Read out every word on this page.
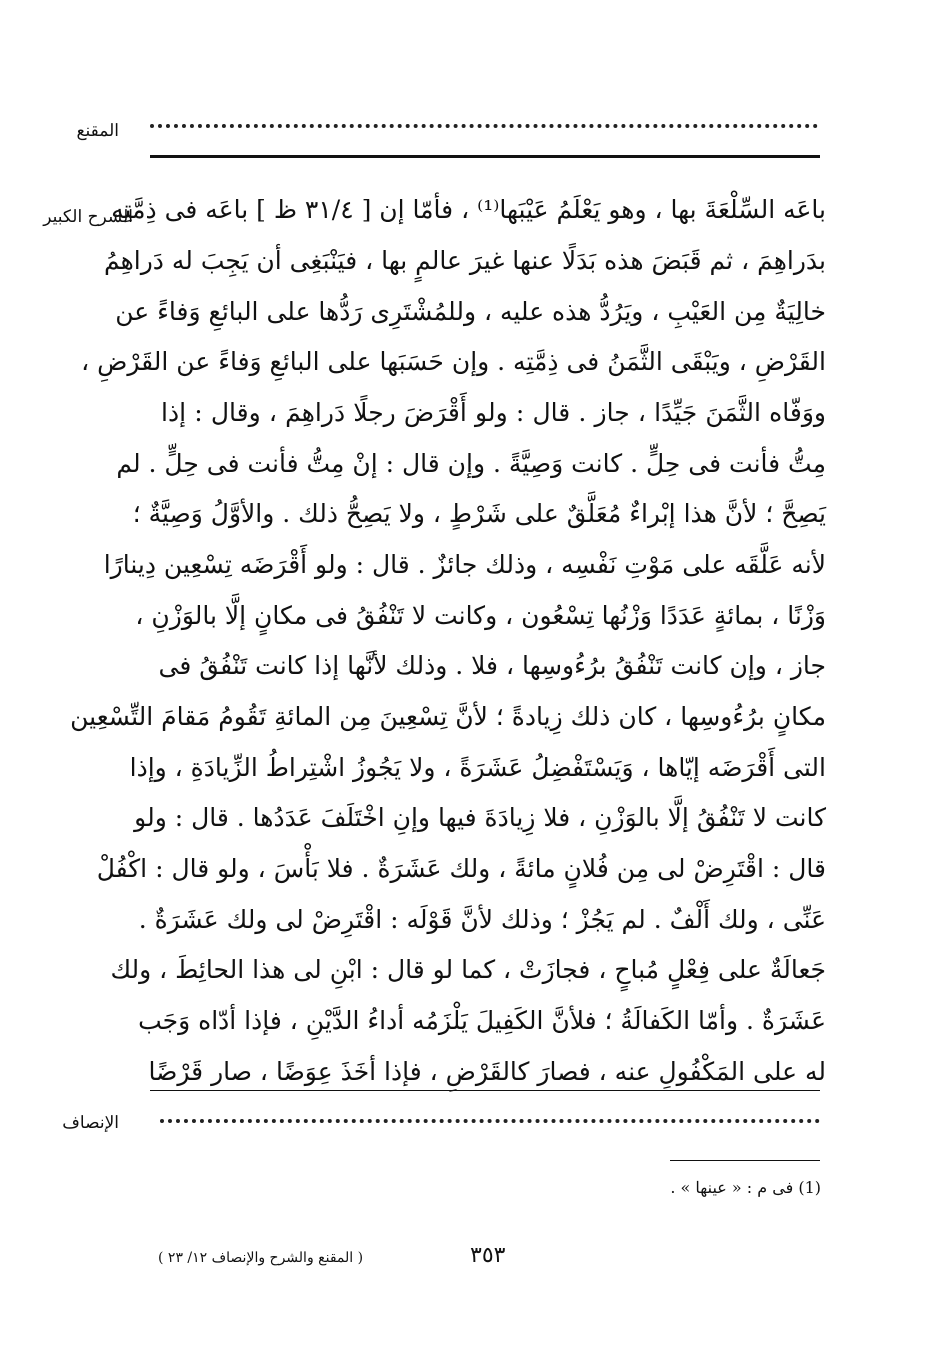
المقنع
الشرح الكبير
باعَه السِّلْعَةَ بها ، وهو يَعْلَمُ عَيْبَها⁽¹⁾ ، فأمّا إن [ ٣١/٤ ظ ] باعَه فى ذِمَّتِه
بدَراهِمَ ، ثم قَبَضَ هذه بَدَلًا عنها غيرَ عالمٍ بها ، فيَنْبَغِى أن يَجِبَ له دَراهِمُ
خالِيَةٌ مِن العَيْبِ ، ويَرُدُّ هذه عليه ، وللمُشْتَرِى رَدُّها على البائعِ وَفاءً عن
القَرْضِ ، ويَبْقَى الثَّمَنُ فى ذِمَّتِه . وإن حَسَبَها على البائعِ وَفاءً عن القَرْضِ ،
ووَفّاه الثَّمَنَ جَيِّدًا ، جاز . قال : ولو أَقْرَضَ رجلًا دَراهِمَ ، وقال : إذا
مِتُّ فأنت فى حِلٍّ . كانت وَصِيَّةً . وإن قال : إنْ مِتُّ فأنت فى حِلٍّ . لم
يَصِحَّ ؛ لأنَّ هذا إبْراءٌ مُعَلَّقٌ على شَرْطٍ ، ولا يَصِحُّ ذلك . والأوَّلُ وَصِيَّةٌ ؛
لأنه عَلَّقَه على مَوْتِ نَفْسِه ، وذلك جائزٌ . قال : ولو أَقْرَضَه تِسْعِين دِينارًا
وَزْنًا ، بمائةٍ عَدَدًا وَزْنُها تِسْعُون ، وكانت لا تَنْفُقُ فى مكانٍ إلَّا بالوَزْنِ ،
جاز ، وإن كانت تَنْفُقُ برُءُوسِها ، فلا . وذلك لأنَّها إذا كانت تَنْفُقُ فى
مكانٍ برُءُوسِها ، كان ذلك زِيادةً ؛ لأنَّ تِسْعِينَ مِن المائةِ تَقُومُ مَقامَ التِّسْعِين
التى أَقْرَضَه إيّاها ، وَيَسْتَفْضِلُ عَشَرَةً ، ولا يَجُوزُ اشْتِراطُ الزِّيادَةِ ، وإذا
كانت لا تَنْفُقُ إلَّا بالوَزْنِ ، فلا زِيادَةَ فيها وإنِ اخْتَلَفَ عَدَدُها . قال : ولو
قال : اقْتَرِضْ لى مِن فُلانٍ مائةً ، ولك عَشَرَةٌ . فلا بَأْسَ ، ولو قال : اكْفُلْ
عَنِّى ، ولك أَلْفٌ . لم يَجُزْ ؛ وذلك لأنَّ قَوْلَه : اقْتَرِضْ لى ولك عَشَرَةٌ .
جَعالَةٌ على فِعْلٍ مُباحٍ ، فجازَتْ ، كما لو قال : ابْنِ لى هذا الحائِطَ ، ولك
عَشَرَةٌ . وأمّا الكَفالَةُ ؛ فلأنَّ الكَفِيلَ يَلْزَمُه أداءُ الدَّيْنِ ، فإذا أدّاه وَجَب
له على المَكْفُولِ عنه ، فصارَ كالقَرْضِ ، فإذا أخَذَ عِوَضًا ، صار قَرْضًا
الإنصاف
(1) فى م : « عينها » .
٣٥٣
( المقنع والشرح والإنصاف ١٢/ ٢٣ )
